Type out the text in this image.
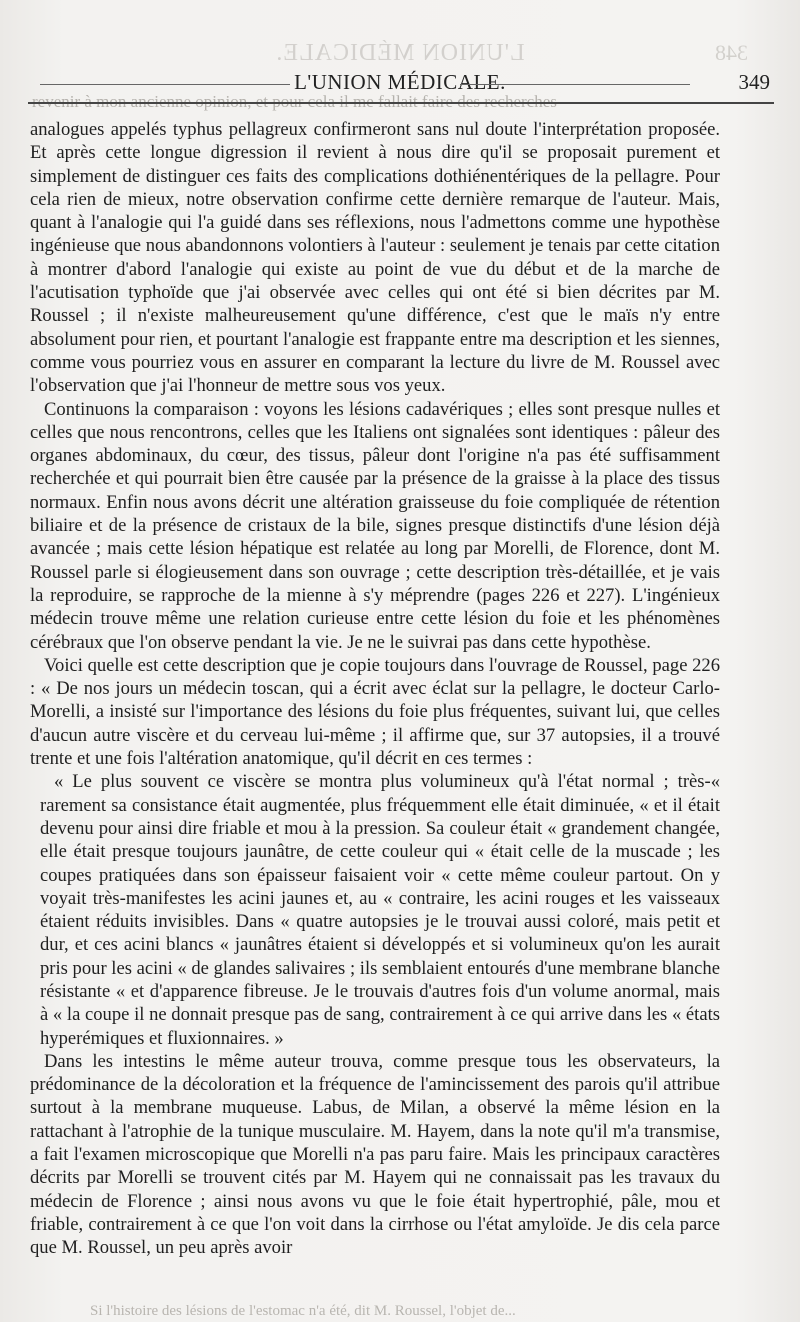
L'UNION MÉDICALE.	348
L'UNION MÉDICALE.	349
revenir à mon ancienne opinion, et pour cela il me fallait faire des recherches

analogues appelés typhus pellagreux confirmeront sans nul doute l'interprétation proposée. Et après cette longue digression il revient à nous dire qu'il se proposait purement et simplement de distinguer ces faits des complications dothiénentériques de la pellagre. Pour cela rien de mieux, notre observation confirme cette dernière remarque de l'auteur. Mais, quant à l'analogie qui l'a guidé dans ses réflexions, nous l'admettons comme une hypothèse ingénieuse que nous abandonnons volontiers à l'auteur : seulement je tenais par cette citation à montrer d'abord l'analogie qui existe au point de vue du début et de la marche de l'acutisation typhoïde que j'ai observée avec celles qui ont été si bien décrites par M. Roussel ; il n'existe malheureusement qu'une différence, c'est que le maïs n'y entre absolument pour rien, et pourtant l'analogie est frappante entre ma description et les siennes, comme vous pourriez vous en assurer en comparant la lecture du livre de M. Roussel avec l'observation que j'ai l'honneur de mettre sous vos yeux.

Continuons la comparaison : voyons les lésions cadavériques ; elles sont presque nulles et celles que nous rencontrons, celles que les Italiens ont signalées sont identiques : pâleur des organes abdominaux, du cœur, des tissus, pâleur dont l'origine n'a pas été suffisamment recherchée et qui pourrait bien être causée par la présence de la graisse à la place des tissus normaux. Enfin nous avons décrit une altération graisseuse du foie compliquée de rétention biliaire et de la présence de cristaux de la bile, signes presque distinctifs d'une lésion déjà avancée ; mais cette lésion hépatique est relatée au long par Morelli, de Florence, dont M. Roussel parle si élogieusement dans son ouvrage ; cette description très-détaillée, et je vais la reproduire, se rapproche de la mienne à s'y méprendre (pages 226 et 227). L'ingénieux médecin trouve même une relation curieuse entre cette lésion du foie et les phénomènes cérébraux que l'on observe pendant la vie. Je ne le suivrai pas dans cette hypothèse.

Voici quelle est cette description que je copie toujours dans l'ouvrage de Roussel, page 226 : « De nos jours un médecin toscan, qui a écrit avec éclat sur la pellagre, le docteur Carlo-Morelli, a insisté sur l'importance des lésions du foie plus fréquentes, suivant lui, que celles d'aucun autre viscère et du cerveau lui-même ; il affirme que, sur 37 autopsies, il a trouvé trente et une fois l'altération anatomique, qu'il décrit en ces termes :

« Le plus souvent ce viscère se montra plus volumineux qu'à l'état normal ; très-« rarement sa consistance était augmentée, plus fréquemment elle était diminuée, « et il était devenu pour ainsi dire friable et mou à la pression. Sa couleur était « grandement changée, elle était presque toujours jaunâtre, de cette couleur qui « était celle de la muscade ; les coupes pratiquées dans son épaisseur faisaient voir « cette même couleur partout. On y voyait très-manifestes les acini jaunes et, au « contraire, les acini rouges et les vaisseaux étaient réduits invisibles. Dans « quatre autopsies je le trouvai aussi coloré, mais petit et dur, et ces acini blancs « jaunâtres étaient si développés et si volumineux qu'on les aurait pris pour les acini « de glandes salivaires ; ils semblaient entourés d'une membrane blanche résistante « et d'apparence fibreuse. Je le trouvais d'autres fois d'un volume anormal, mais à « la coupe il ne donnait presque pas de sang, contrairement à ce qui arrive dans les « états hyperémiques et fluxionnaires. »

Dans les intestins le même auteur trouva, comme presque tous les observateurs, la prédominance de la décoloration et la fréquence de l'amincissement des parois qu'il attribue surtout à la membrane muqueuse. Labus, de Milan, a observé la même lésion en la rattachant à l'atrophie de la tunique musculaire. M. Hayem, dans la note qu'il m'a transmise, a fait l'examen microscopique que Morelli n'a pas paru faire. Mais les principaux caractères décrits par Morelli se trouvent cités par M. Hayem qui ne connaissait pas les travaux du médecin de Florence ; ainsi nous avons vu que le foie était hypertrophié, pâle, mou et friable, contrairement à ce que l'on voit dans la cirrhose ou l'état amyloïde. Je dis cela parce que M. Roussel, un peu après avoir

Si l'histoire des lésions de l'estomac n'a été, dit M. Roussel, l'objet de...
